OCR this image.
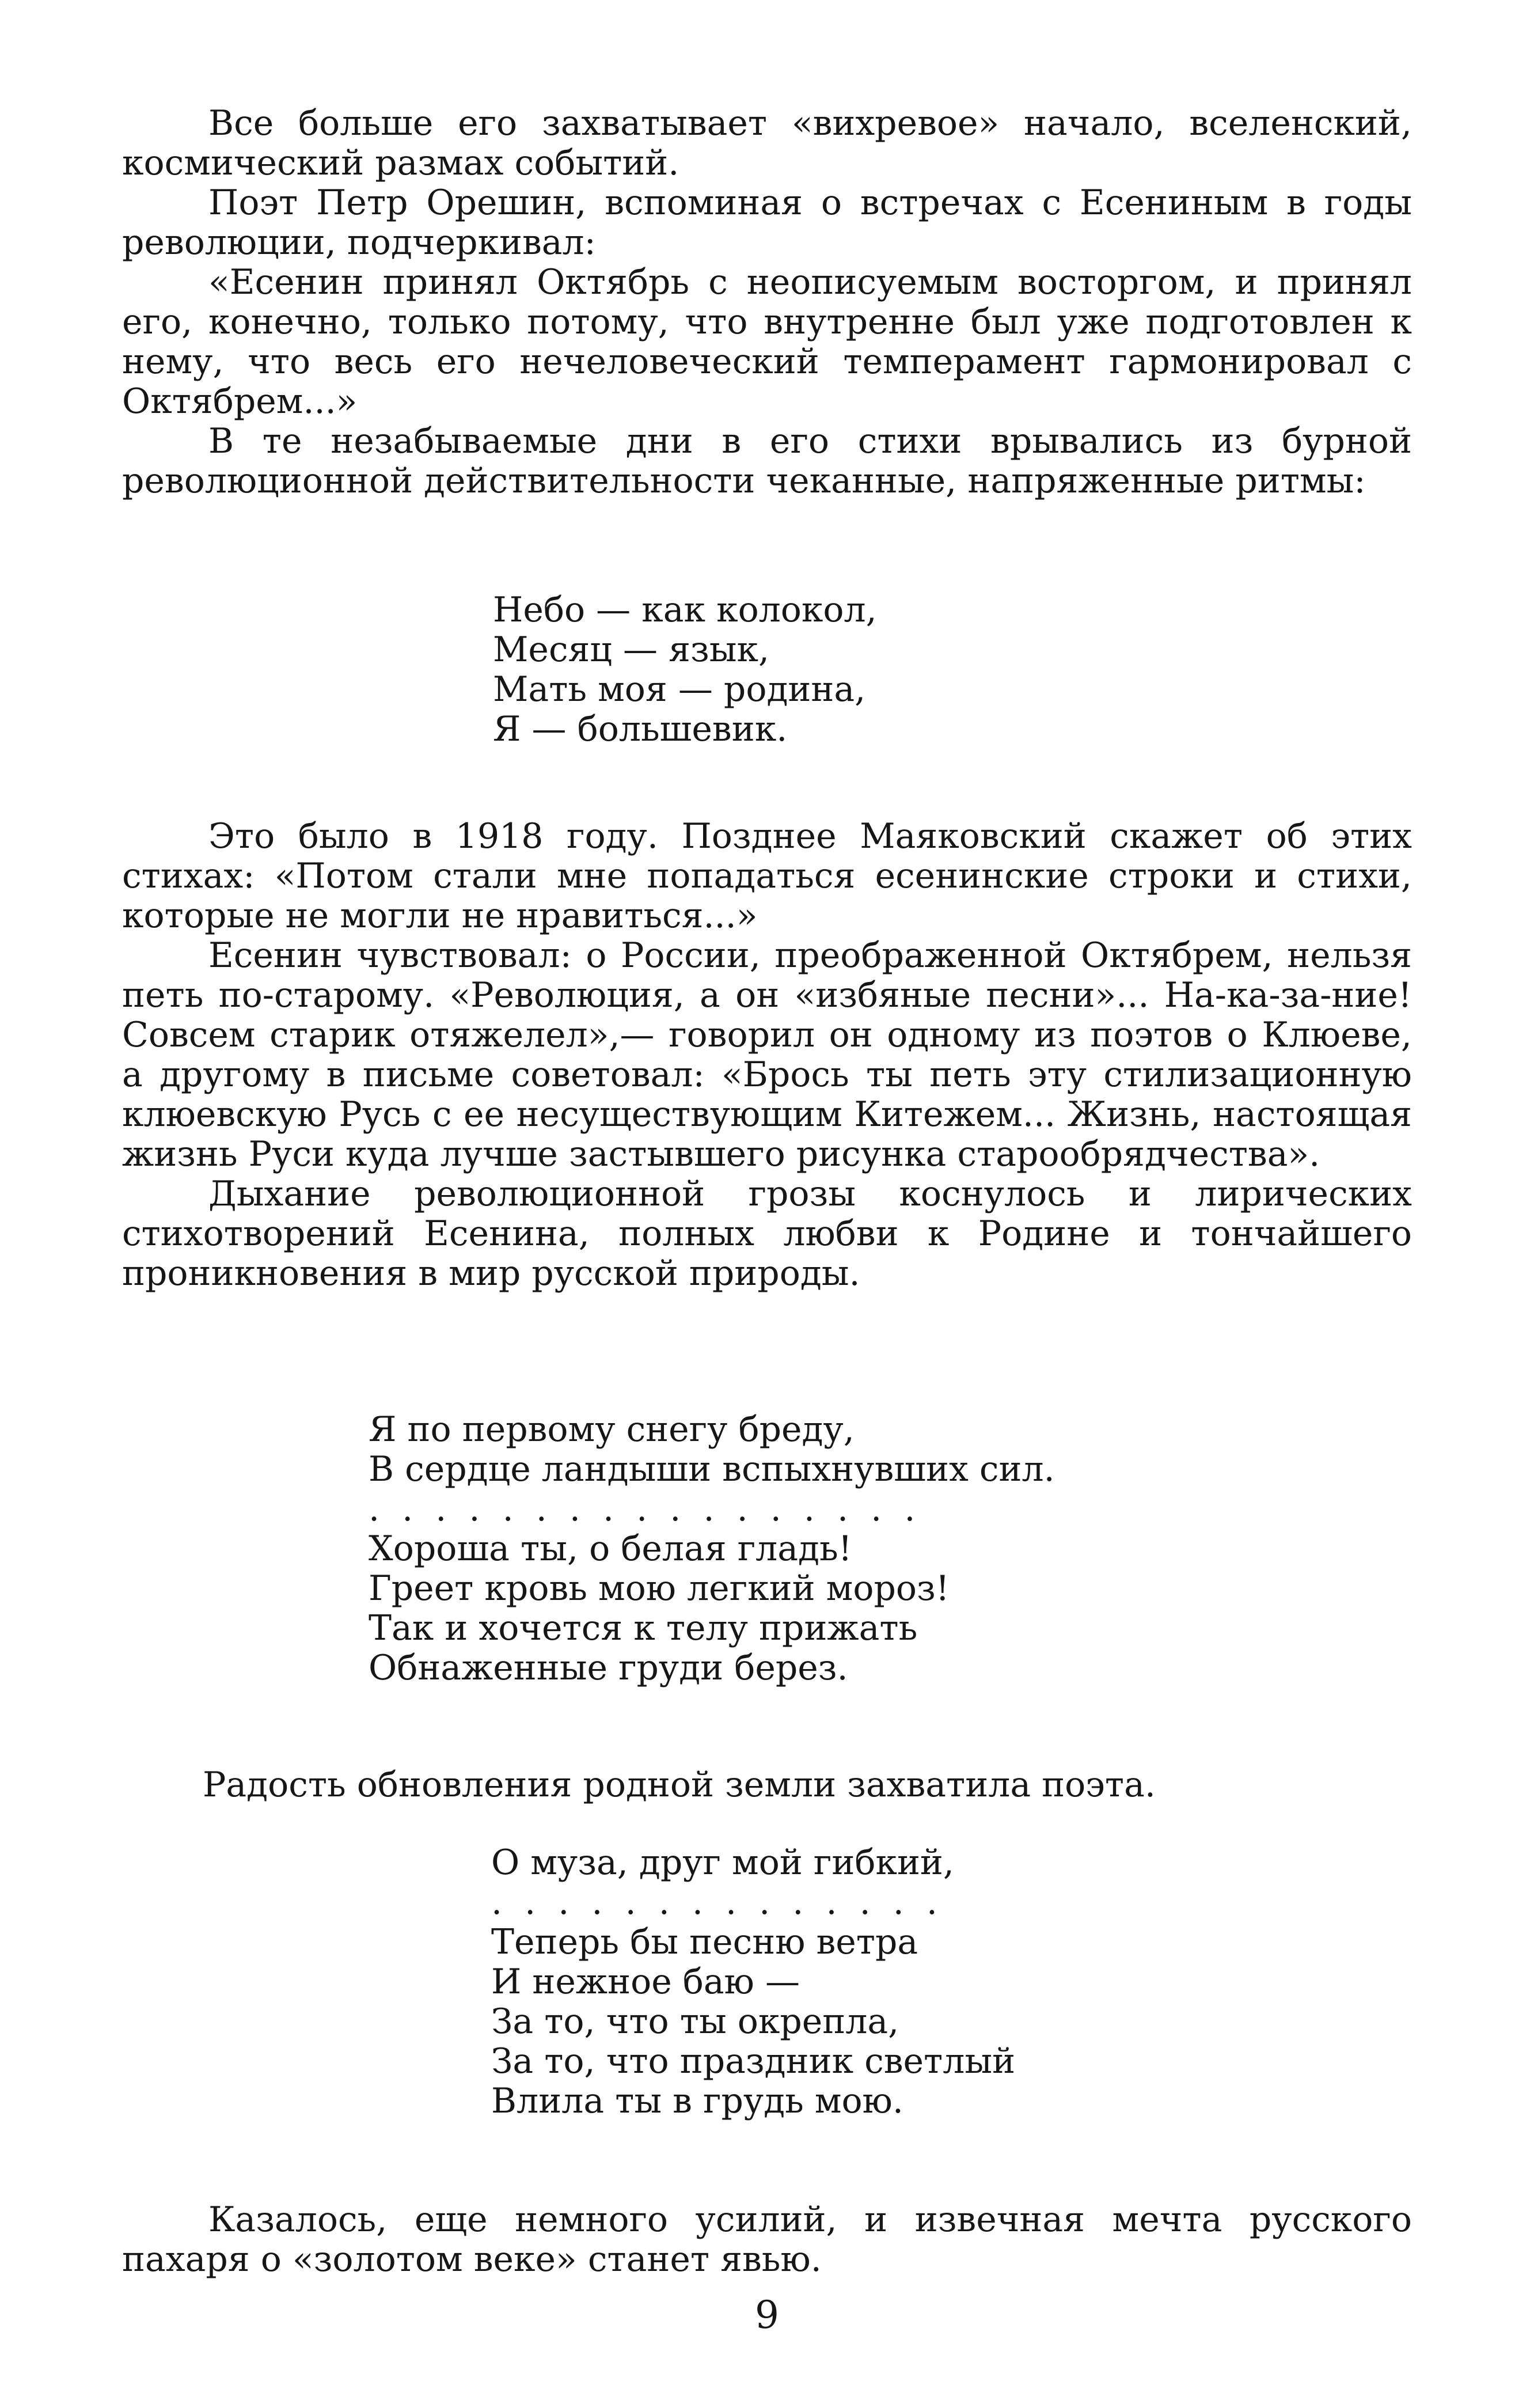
Все больше его захватывает «вихревое» начало, вселенский, космический размах событий.

Поэт Петр Орешин, вспоминая о встречах с Есениным в годы революции, подчеркивал:

«Есенин принял Октябрь с неописуемым восторгом, и принял его, конечно, только потому, что внутренне был уже подготовлен к нему, что весь его нечеловеческий темперамент гармонировал с Октябрем...»

В те незабываемые дни в его стихи врывались из бурной революционной действительности чеканные, напряженные ритмы:

Небо — как колокол,
Месяц — язык,
Мать моя — родина,
Я — большевик.

Это было в 1918 году. Позднее Маяковский скажет об этих стихах: «Потом стали мне попадаться есенинские строки и стихи, которые не могли не нравиться...»

Есенин чувствовал: о России, преображенной Октябрем, нельзя петь по-старому. «Революция, а он «избяные песни»... На-ка-за-ние! Совсем старик отяжелел»,— говорил он одному из поэтов о Клюеве, а другому в письме советовал: «Брось ты петь эту стилизационную клюевскую Русь с ее несуществующим Китежем... Жизнь, настоящая жизнь Руси куда лучше застывшего рисунка старообрядчества».

Дыхание революционной грозы коснулось и лирических стихотворений Есенина, полных любви к Родине и тончайшего проникновения в мир русской природы.

Я по первому снегу бреду,
В сердце ландыши вспыхнувших сил.
. . . . . . . . . . . . . . . . .
Хороша ты, о белая гладь!
Греет кровь мою легкий мороз!
Так и хочется к телу прижать
Обнаженные груди берез.
Радость обновления родной земли захватила поэта.
О муза, друг мой гибкий,
. . . . . . . . . . . . . .
Теперь бы песню ветра
И нежное баю —
За то, что ты окрепла,
За то, что праздник светлый
Влила ты в грудь мою.

Казалось, еще немного усилий, и извечная мечта русского пахаря о «золотом веке» станет явью.

9
